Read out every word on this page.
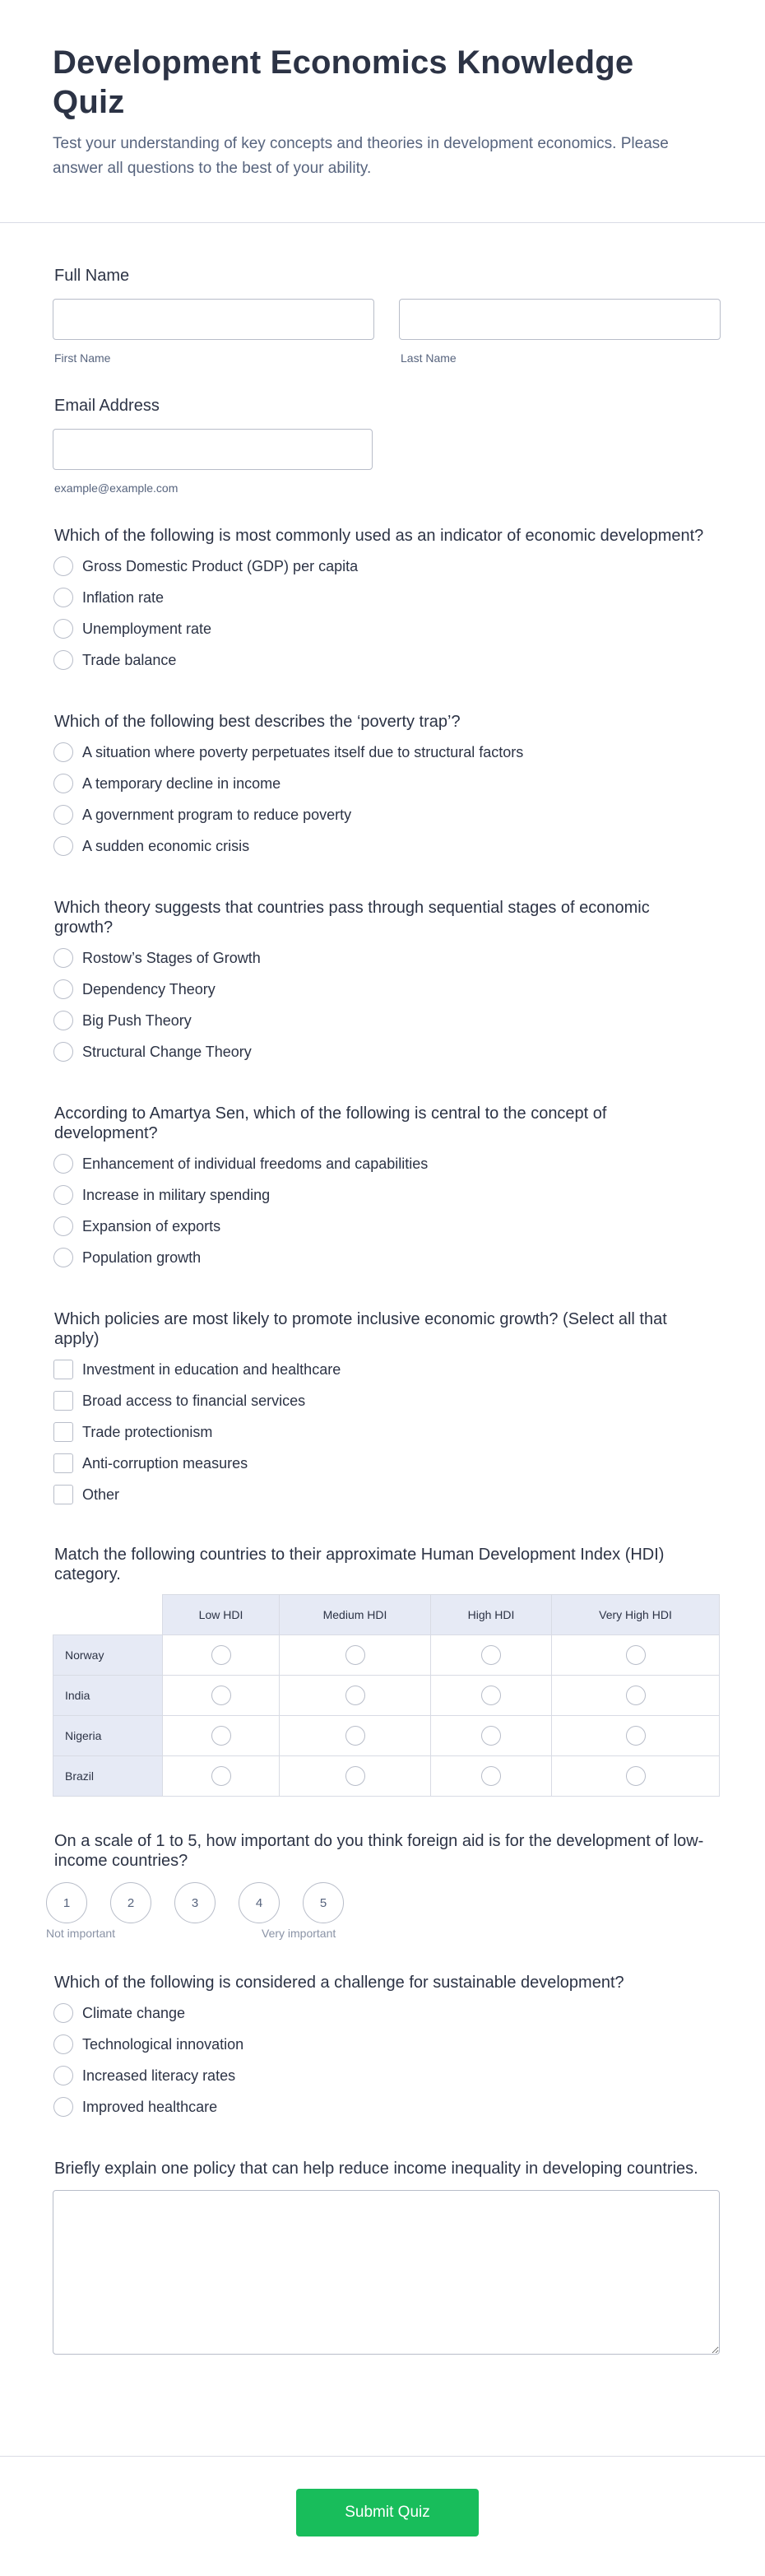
Development Economics Knowledge Quiz

Test your understanding of key concepts and theories in development economics. Please answer all questions to the best of your ability.

Full Name
First Name	Last Name
Email Address
example@example.com
Which of the following is most commonly used as an indicator of economic development?
Gross Domestic Product (GDP) per capita
Inflation rate
Unemployment rate
Trade balance
Which of the following best describes the ‘poverty trap’?
A situation where poverty perpetuates itself due to structural factors
A temporary decline in income
A government program to reduce poverty
A sudden economic crisis
Which theory suggests that countries pass through sequential stages of economic growth?
Rostow’s Stages of Growth
Dependency Theory
Big Push Theory
Structural Change Theory
According to Amartya Sen, which of the following is central to the concept of development?
Enhancement of individual freedoms and capabilities
Increase in military spending
Expansion of exports
Population growth
Which policies are most likely to promote inclusive economic growth? (Select all that apply)
Investment in education and healthcare
Broad access to financial services
Trade protectionism
Anti-corruption measures
Other
Match the following countries to their approximate Human Development Index (HDI) category.
	Low HDI	Medium HDI	High HDI	Very High HDI
Norway				
India				
Nigeria				
Brazil				
On a scale of 1 to 5, how important do you think foreign aid is for the development of low-income countries?
1	2	3	4	5
Not important	Very important
Which of the following is considered a challenge for sustainable development?
Climate change
Technological innovation
Increased literacy rates
Improved healthcare
Briefly explain one policy that can help reduce income inequality in developing countries.
Submit Quiz
